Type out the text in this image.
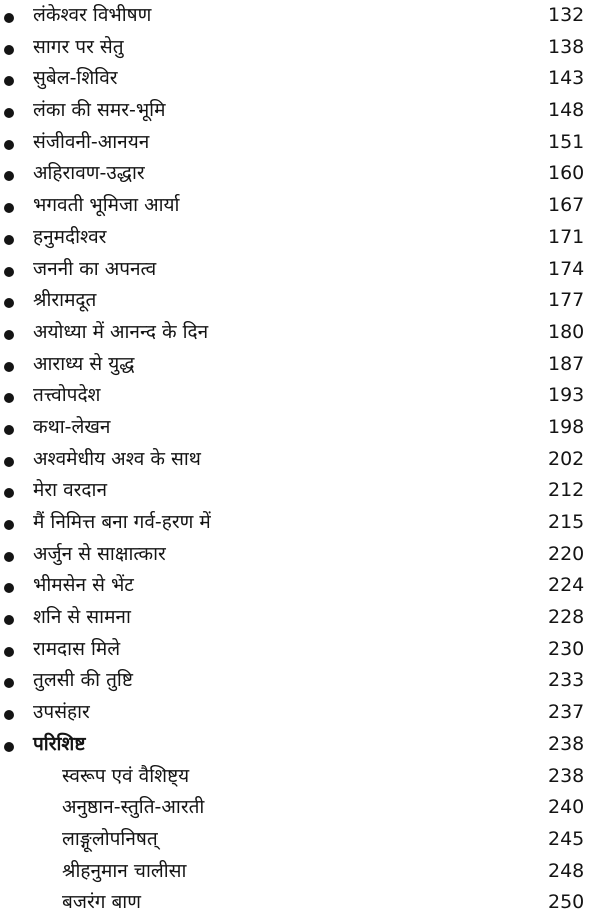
लंकेश्वर विभीषण	132
सागर पर सेतु	138
सुबेल-शिविर	143
लंका की समर-भूमि	148
संजीवनी-आनयन	151
अहिरावण-उद्धार	160
भगवती भूमिजा आर्या	167
हनुमदीश्वर	171
जननी का अपनत्व	174
श्रीरामदूत	177
अयोध्या में आनन्द के दिन	180
आराध्य से युद्ध	187
तत्त्वोपदेश	193
कथा-लेखन	198
अश्वमेधीय अश्व के साथ	202
मेरा वरदान	212
मैं निमित्त बना गर्व-हरण में	215
अर्जुन से साक्षात्कार	220
भीमसेन से भेंट	224
शनि से सामना	228
रामदास मिले	230
तुलसी की तुष्टि	233
उपसंहार	237
परिशिष्ट	238
स्वरूप एवं वैशिष्ट्य	238
अनुष्ठान-स्तुति-आरती	240
लाङ्गूलोपनिषत्	245
श्रीहनुमान चालीसा	248
बजरंग बाण	250
